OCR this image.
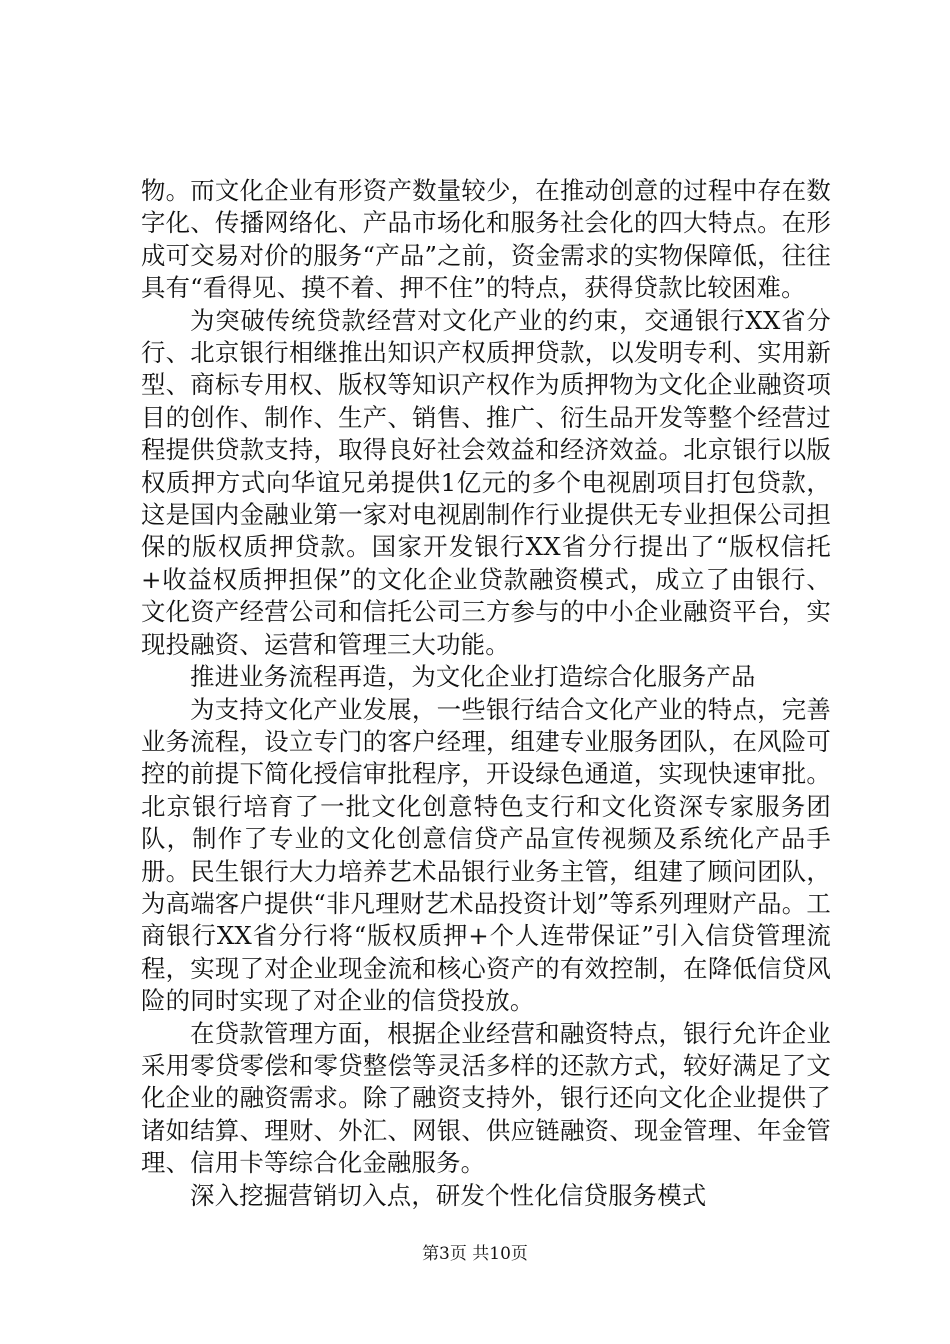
物。而文化企业有形资产数量较少，在推动创意的过程中存在数字化、传播网络化、产品市场化和服务社会化的四大特点。在形成可交易对价的服务“产品”之前，资金需求的实物保障低，往往具有“看得见、摸不着、押不住”的特点，获得贷款比较困难。

为突破传统贷款经营对文化产业的约束，交通银行XX省分行、北京银行相继推出知识产权质押贷款，以发明专利、实用新型、商标专用权、版权等知识产权作为质押物为文化企业融资项目的创作、制作、生产、销售、推广、衍生品开发等整个经营过程提供贷款支持，取得良好社会效益和经济效益。北京银行以版权质押方式向华谊兄弟提供1亿元的多个电视剧项目打包贷款，这是国内金融业第一家对电视剧制作行业提供无专业担保公司担保的版权质押贷款。国家开发银行XX省分行提出了“版权信托+收益权质押担保”的文化企业贷款融资模式，成立了由银行、文化资产经营公司和信托公司三方参与的中小企业融资平台，实现投融资、运营和管理三大功能。

推进业务流程再造，为文化企业打造综合化服务产品

为支持文化产业发展，一些银行结合文化产业的特点，完善业务流程，设立专门的客户经理，组建专业服务团队，在风险可控的前提下简化授信审批程序，开设绿色通道，实现快速审批。北京银行培育了一批文化创意特色支行和文化资深专家服务团队，制作了专业的文化创意信贷产品宣传视频及系统化产品手册。民生银行大力培养艺术品银行业务主管，组建了顾问团队，为高端客户提供“非凡理财艺术品投资计划”等系列理财产品。工商银行XX省分行将“版权质押+个人连带保证”引入信贷管理流程，实现了对企业现金流和核心资产的有效控制，在降低信贷风险的同时实现了对企业的信贷投放。

在贷款管理方面，根据企业经营和融资特点，银行允许企业采用零贷零偿和零贷整偿等灵活多样的还款方式，较好满足了文化企业的融资需求。除了融资支持外，银行还向文化企业提供了诸如结算、理财、外汇、网银、供应链融资、现金管理、年金管理、信用卡等综合化金融服务。

深入挖掘营销切入点，研发个性化信贷服务模式

第3页 共10页
